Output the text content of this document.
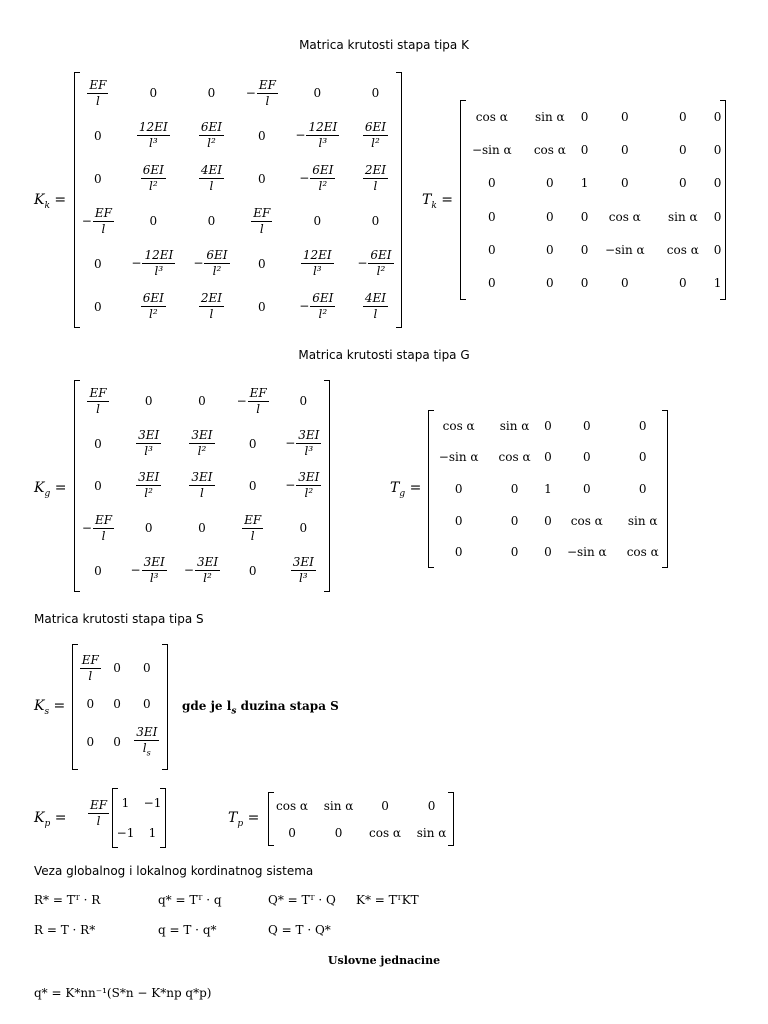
Matrica krutosti stapa tipa K
$K_k$ =
$\frac{EF}{l}$	0	0	− $\frac{EF}{l}$	0	0
0	$\frac{12EI}{\text{l³}}$	$\frac{6EI}{\text{l²}}$	0	− $\frac{12EI}{\text{l³}}$	$\frac{6EI}{\text{l²}}$

0	$\frac{6EI}{\text{l²}}$	$\frac{4EI}{l}$	0	− $\frac{6EI}{\text{l²}}$	$\frac{2EI}{l}$

− $\frac{EF}{l}$	0	0	$\frac{EF}{l}$	0	0
0	− $\frac{12EI}{\text{l³}}$	− $\frac{6EI}{\text{l²}}$	0	$\frac{12EI}{\text{l³}}$	− $\frac{6EI}{\text{l²}}$

0	$\frac{6EI}{\text{l²}}$	$\frac{2EI}{l}$	0	− $\frac{6EI}{\text{l²}}$	$\frac{4EI}{l}$
$T_k$ =
cos α	sin α	0	0	0	0
−sin α	cos α	0	0	0	0
0	0	1	0	0	0
0	0	0	cos α	sin α	0
0	0	0	−sin α	cos α	0
0	0	0	0	0	1
Matrica krutosti stapa tipa G
$K_g$ =
$\frac{EF}{l}$	0	0	− $\frac{EF}{l}$	0
0	$\frac{3EI}{\text{l³}}$	$\frac{3EI}{\text{l²}}$	0	− $\frac{3EI}{\text{l³}}$

0	$\frac{3EI}{\text{l²}}$	$\frac{3EI}{l}$	0	− $\frac{3EI}{\text{l²}}$

− $\frac{EF}{l}$	0	0	$\frac{EF}{l}$	0
0	− $\frac{3EI}{\text{l³}}$	− $\frac{3EI}{\text{l²}}$	0	$\frac{3EI}{\text{l³}}$
$T_g$ =
cos α	sin α	0	0	0
−sin α	cos α	0	0	0
0	0	1	0	0
0	0	0	cos α	sin α
0	0	0	−sin α	cos α
Matrica krutosti stapa tipa S
$K_s$ =
$\frac{EF}{l}$	0	0
0	0	0
0	0	$\frac{3EI}{l_s}$
gde je $l_s$ duzina stapa S
$K_p = \frac{EF}{l} 1$	−1
−1	1
$T_p$ =
cos α	sin α	0	0
0	0	cos α	sin α
Veza globalnog i lokalnog kordinatnog sistema
R* = Tᵀ · R	q* = Tᵀ · q	Q* = Tᵀ · Q K* = TᵀKT
R = T · R*	q = T · q*	Q = T · Q*
Uslovne jednacine
q* = K*nn⁻¹(S*n − K*np q*p)
